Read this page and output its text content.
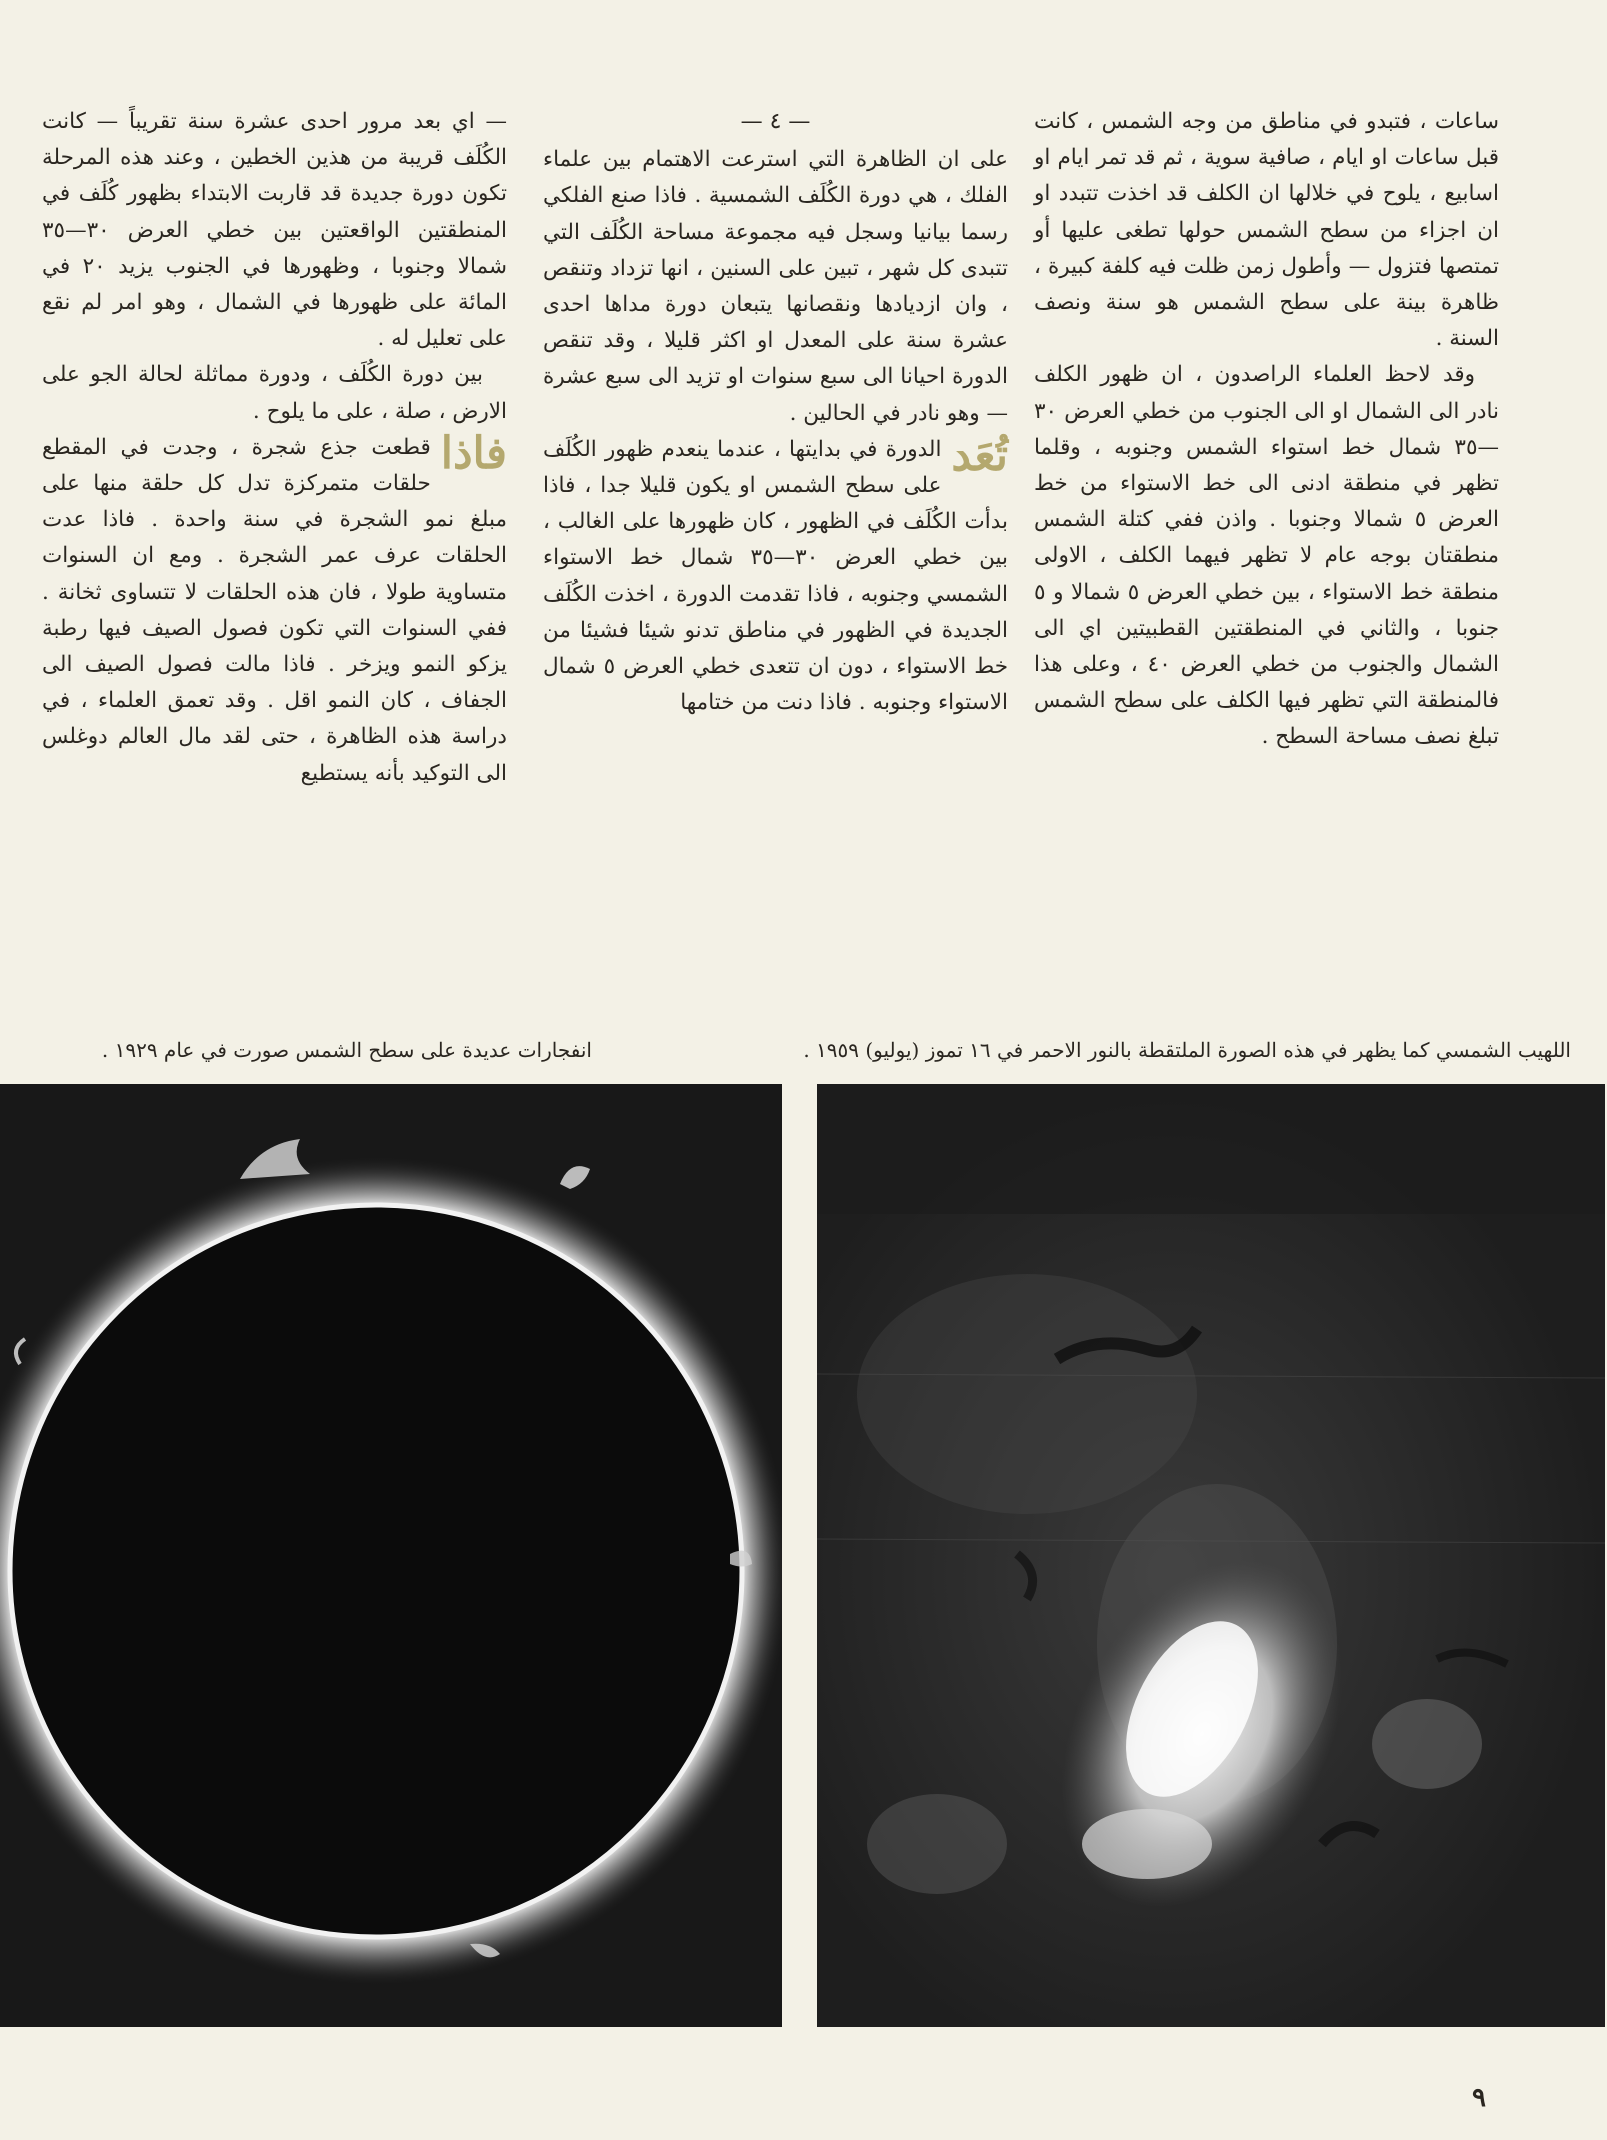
ساعات ، فتبدو في مناطق من وجه الشمس ، كانت قبل ساعات او ايام ، صافية سوية ، ثم قد تمر ايام او اسابيع ، يلوح في خلالها ان الكلف قد اخذت تتبدد او ان اجزاء من سطح الشمس حولها تطغى عليها أو تمتصها فتزول — وأطول زمن ظلت فيه كلفة كبيرة ، ظاهرة بينة على سطح الشمس هو سنة ونصف السنة .

وقد لاحظ العلماء الراصدون ، ان ظهور الكلف نادر الى الشمال او الى الجنوب من خطي العرض ٣٠—٣٥ شمال خط استواء الشمس وجنوبه ، وقلما تظهر في منطقة ادنى الى خط الاستواء من خط العرض ٥ شمالا وجنوبا . واذن ففي كتلة الشمس منطقتان بوجه عام لا تظهر فيهما الكلف ، الاولى منطقة خط الاستواء ، بين خطي العرض ٥ شمالا و ٥ جنوبا ، والثاني في المنطقتين القطبيتين اي الى الشمال والجنوب من خطي العرض ٤٠ ، وعلى هذا فالمنطقة التي تظهر فيها الكلف على سطح الشمس تبلغ نصف مساحة السطح .

— ٤ —

على ان الظاهرة التي استرعت الاهتمام بين علماء الفلك ، هي دورة الكُلَف الشمسية . فاذا صنع الفلكي رسما بيانيا وسجل فيه مجموعة مساحة الكُلَف التي تتبدى كل شهر ، تبين على السنين ، انها تزداد وتنقص ، وان ازديادها ونقصانها يتبعان دورة مداها احدى عشرة سنة على المعدل او اكثر قليلا ، وقد تنقص الدورة احيانا الى سبع سنوات او تزيد الى سبع عشرة — وهو نادر في الحالين .

تُعَد
الدورة في بدايتها ، عندما ينعدم ظهور الكُلَف على سطح الشمس او يكون قليلا جدا ، فاذا بدأت الكُلَف في الظهور ، كان ظهورها على الغالب ، بين خطي العرض ٣٠—٣٥ شمال خط الاستواء الشمسي وجنوبه ، فاذا تقدمت الدورة ، اخذت الكُلَف الجديدة في الظهور في مناطق تدنو شيئا فشيئا من خط الاستواء ، دون ان تتعدى خطي العرض ٥ شمال الاستواء وجنوبه . فاذا دنت من ختامها

— اي بعد مرور احدى عشرة سنة تقريباً — كانت الكُلَف قريبة من هذين الخطين ، وعند هذه المرحلة تكون دورة جديدة قد قاربت الابتداء بظهور كُلَف في المنطقتين الواقعتين بين خطي العرض ٣٠—٣٥ شمالا وجنوبا ، وظهورها في الجنوب يزيد ٢٠ في المائة على ظهورها في الشمال ، وهو امر لم نقع على تعليل له .

بين دورة الكُلَف ، ودورة مماثلة لحالة الجو على الارض ، صلة ، على ما يلوح .

فاذا
قطعت جذع شجرة ، وجدت في المقطع حلقات متمركزة تدل كل حلقة منها على مبلغ نمو الشجرة في سنة واحدة . فاذا عدت الحلقات عرف عمر الشجرة . ومع ان السنوات متساوية طولا ، فان هذه الحلقات لا تتساوى ثخانة . ففي السنوات التي تكون فصول الصيف فيها رطبة يزكو النمو ويزخر . فاذا مالت فصول الصيف الى الجفاف ، كان النمو اقل . وقد تعمق العلماء ، في دراسة هذه الظاهرة ، حتى لقد مال العالم دوغلس الى التوكيد بأنه يستطيع

اللهيب الشمسي كما يظهر في هذه الصورة الملتقطة بالنور الاحمر في ١٦ تموز (يوليو) ١٩٥٩ .
انفجارات عديدة على سطح الشمس صورت في عام ١٩٢٩ .
٩
